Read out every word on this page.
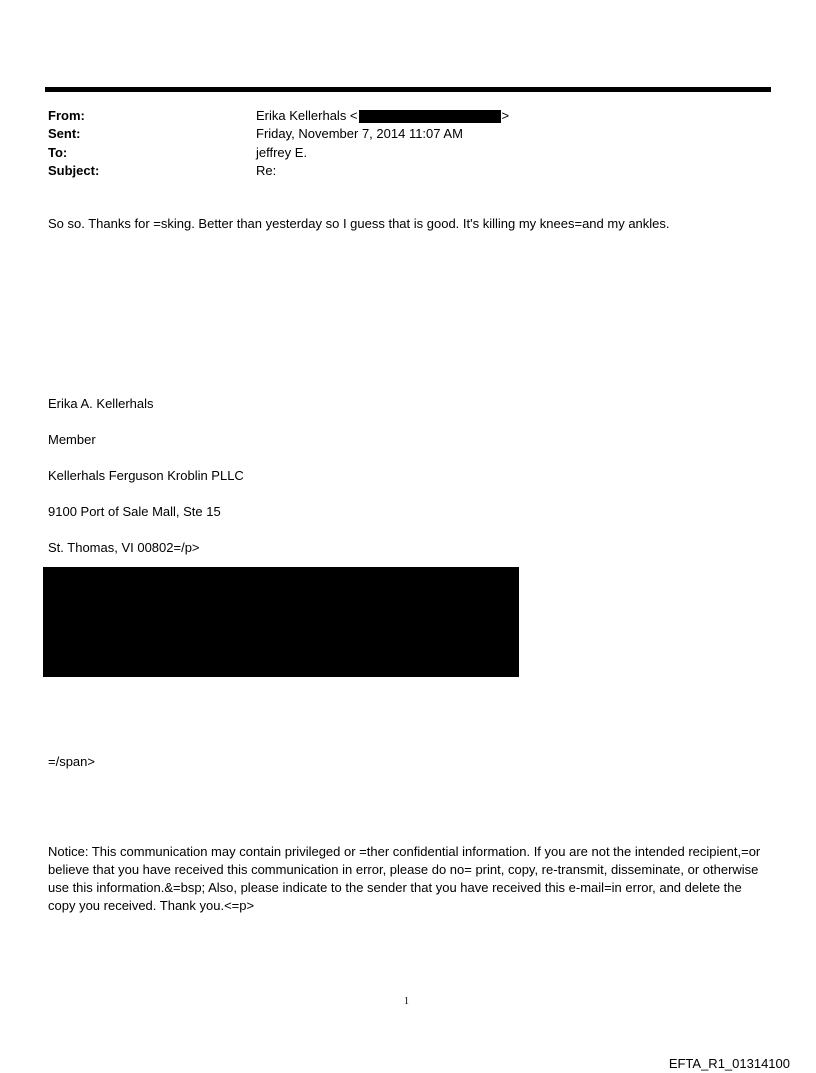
From:	Erika Kellerhals <	>
Sent:	Friday, November 7, 2014 11:07 AM
To:	jeffrey E.
Subject:	Re:
So so. Thanks for =sking. Better than yesterday so I guess that is good. It's killing my knees=and my ankles.
Erika A. Kellerhals
Member
Kellerhals Ferguson Kroblin PLLC
9100 Port of Sale Mall, Ste 15
St. Thomas, VI 00802=/p>
=/span>
Notice: This communication may contain privileged or =ther confidential information. If you are not the intended recipient,=or believe that you have received this communication in error, please do no= print, copy, re-transmit, disseminate, or otherwise use this information.&=bsp; Also, please indicate to the sender that you have received this e-mail=in error, and delete the copy you received. Thank you.<=p>
1
EFTA_R1_01314100
